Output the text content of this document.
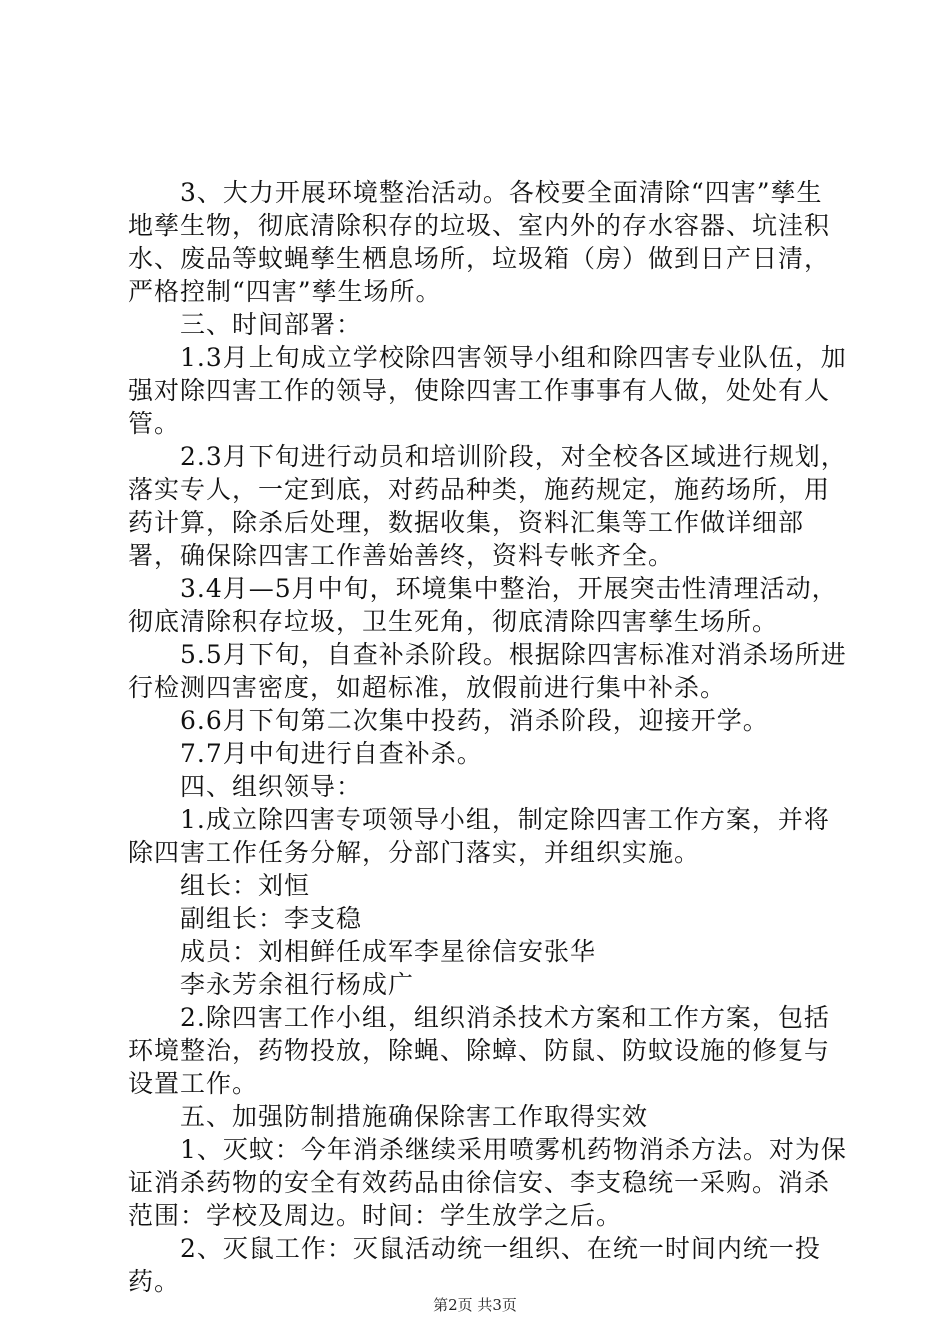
3、大力开展环境整治活动。各校要全面清除“四害”孳生地孳生物，彻底清除积存的垃圾、室内外的存水容器、坑洼积水、废品等蚊蝇孳生栖息场所，垃圾箱（房）做到日产日清，严格控制“四害”孳生场所。

三、时间部署：

1.3月上旬成立学校除四害领导小组和除四害专业队伍，加强对除四害工作的领导，使除四害工作事事有人做，处处有人管。

2.3月下旬进行动员和培训阶段，对全校各区域进行规划，落实专人，一定到底，对药品种类，施药规定，施药场所，用药计算，除杀后处理，数据收集，资料汇集等工作做详细部署，确保除四害工作善始善终，资料专帐齐全。

3.4月—5月中旬，环境集中整治，开展突击性清理活动，彻底清除积存垃圾，卫生死角，彻底清除四害孳生场所。

5.5月下旬，自查补杀阶段。根据除四害标准对消杀场所进行检测四害密度，如超标准，放假前进行集中补杀。

6.6月下旬第二次集中投药，消杀阶段，迎接开学。

7.7月中旬进行自查补杀。

四、组织领导：

1.成立除四害专项领导小组，制定除四害工作方案，并将除四害工作任务分解，分部门落实，并组织实施。

组长：刘恒

副组长：李支稳

成员：刘相鲜任成军李星徐信安张华

李永芳余祖行杨成广

2.除四害工作小组，组织消杀技术方案和工作方案，包括环境整治，药物投放，除蝇、除蟑、防鼠、防蚊设施的修复与设置工作。

五、加强防制措施确保除害工作取得实效

1、灭蚊：今年消杀继续采用喷雾机药物消杀方法。对为保证消杀药物的安全有效药品由徐信安、李支稳统一采购。消杀范围：学校及周边。时间：学生放学之后。

2、灭鼠工作：灭鼠活动统一组织、在统一时间内统一投药。

第2页 共3页
